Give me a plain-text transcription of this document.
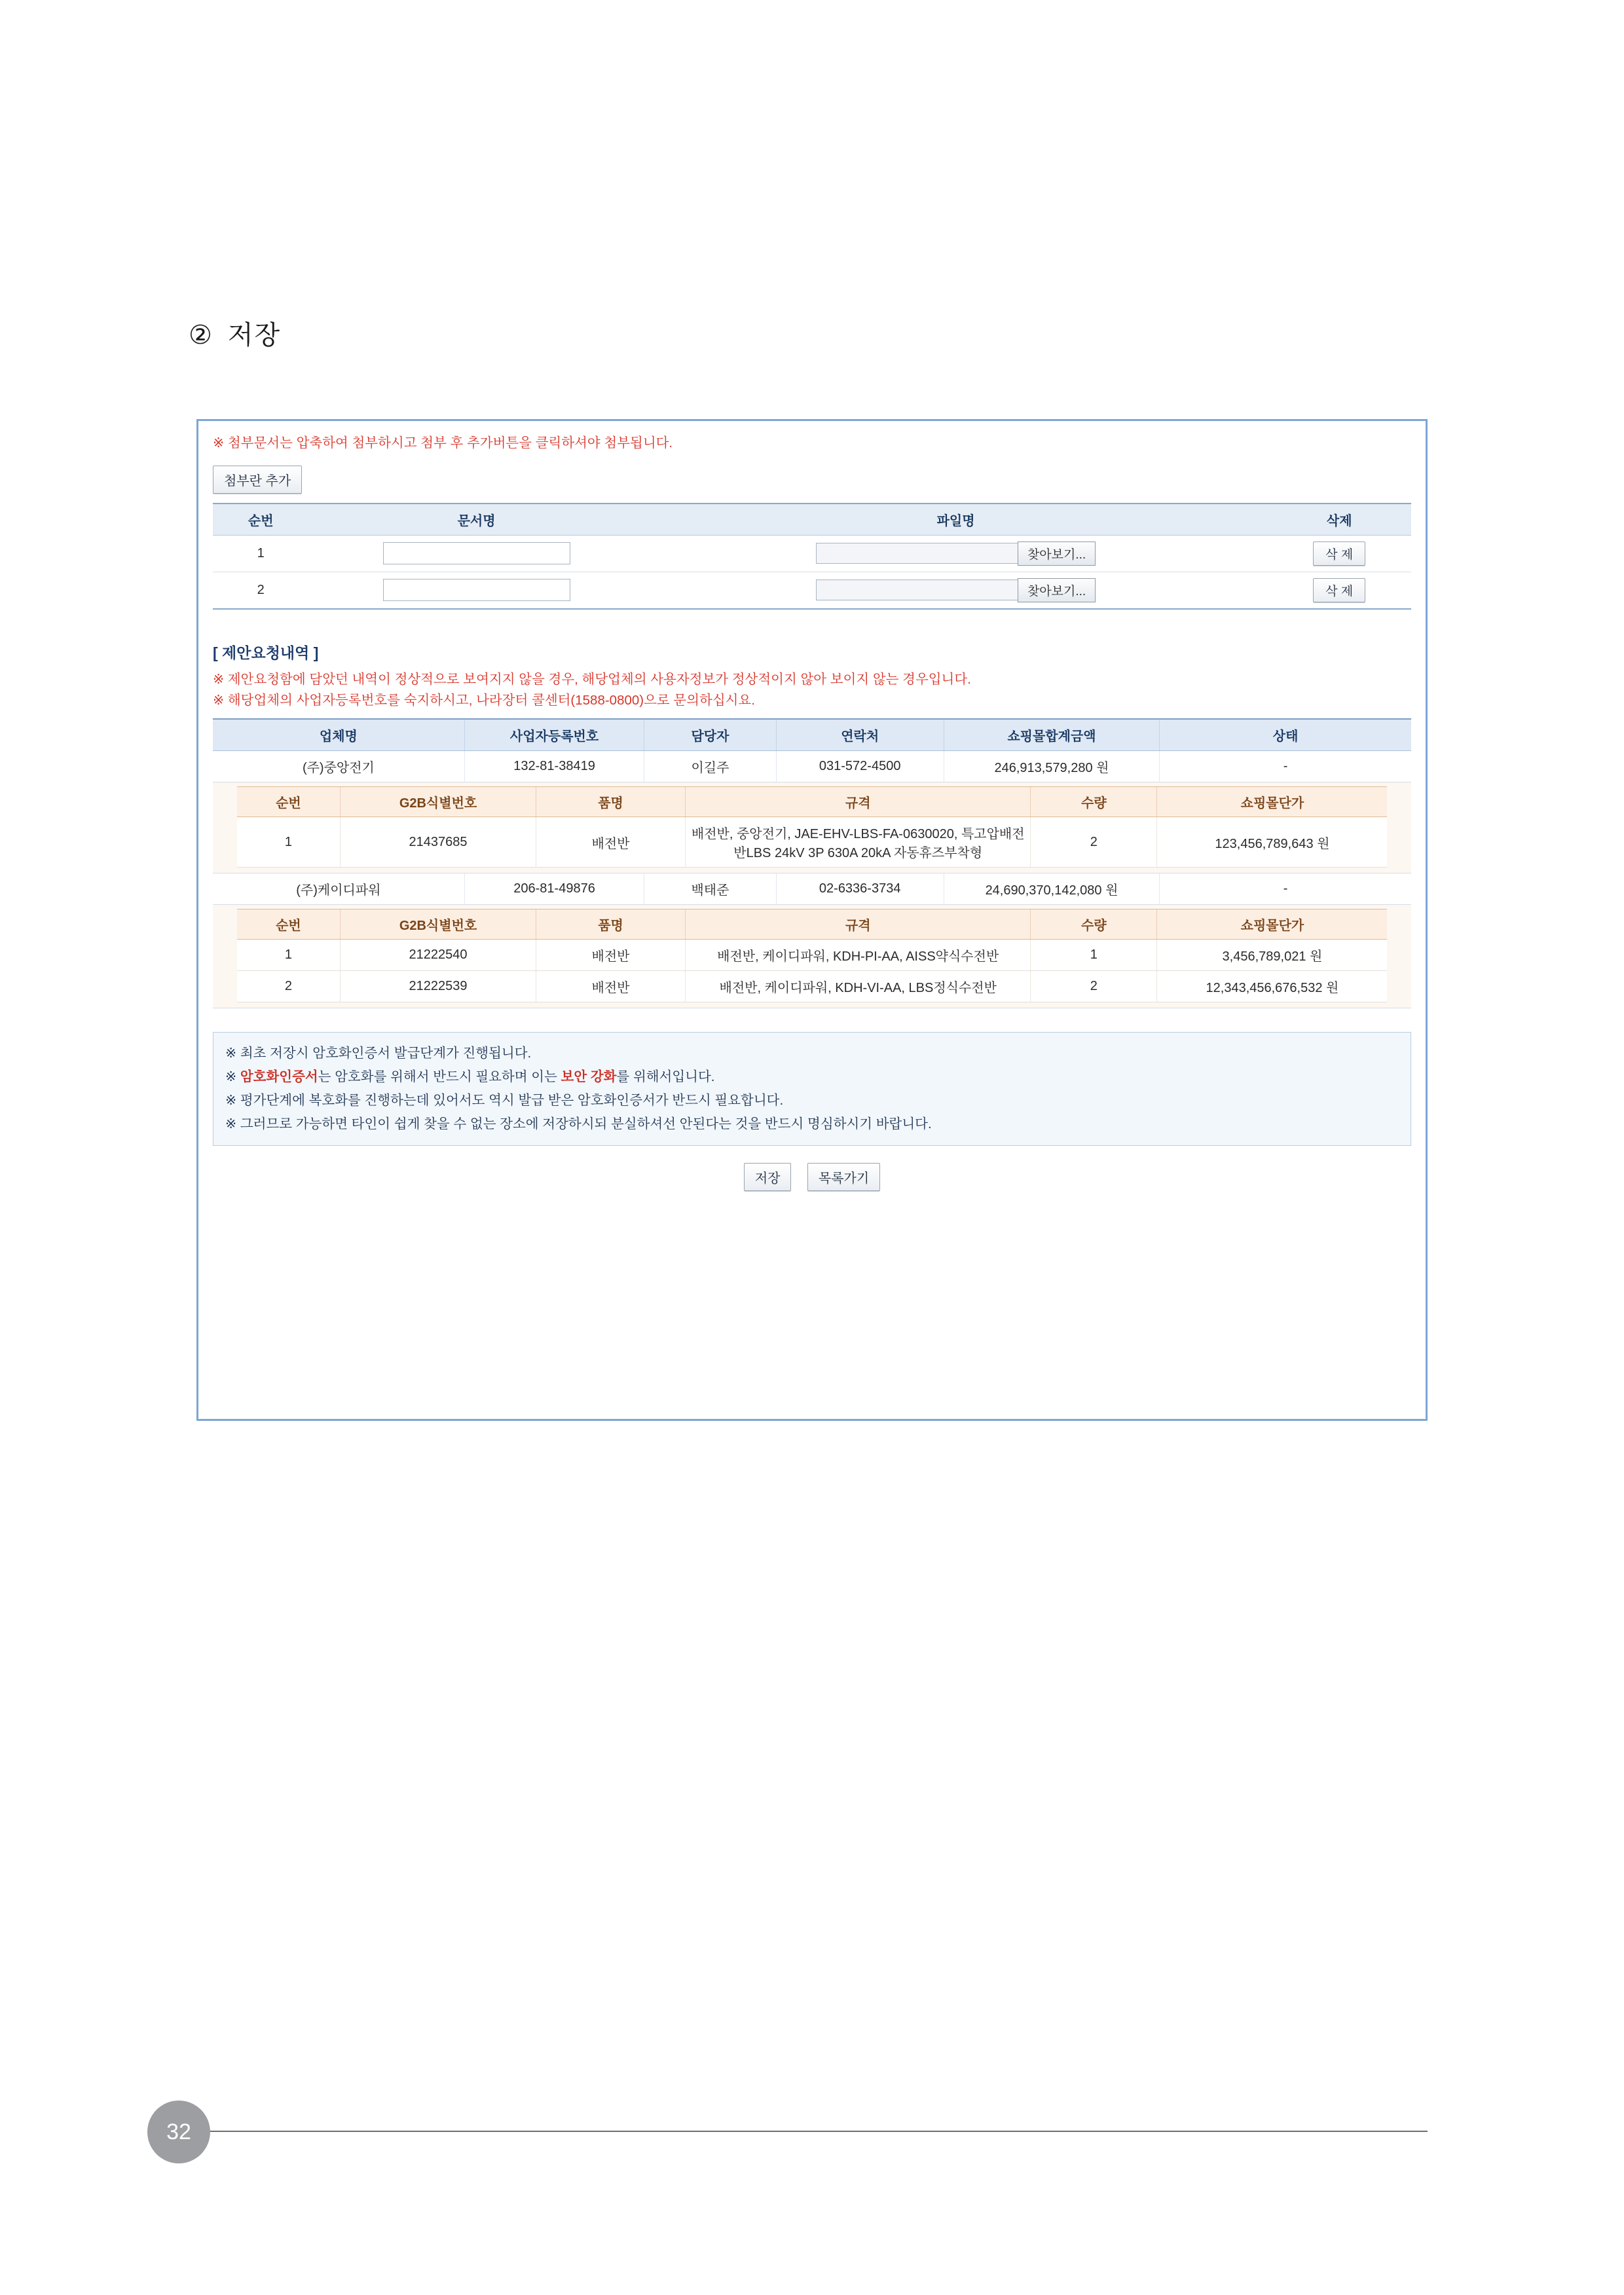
② 저장
※ 첨부문서는 압축하여 첨부하시고 첨부 후 추가버튼을 클릭하셔야 첨부됩니다.
첨부란 추가
순번	문서명	파일명	삭제
1		찾아보기...	삭 제
2		찾아보기...	삭 제
[ 제안요청내역 ]
※ 제안요청함에 담았던 내역이 정상적으로 보여지지 않을 경우, 해당업체의 사용자정보가 정상적이지 않아 보이지 않는 경우입니다.
※ 해당업체의 사업자등록번호를 숙지하시고, 나라장터 콜센터(1588-0800)으로 문의하십시요.
업체명	사업자등록번호	담당자	연락처	쇼핑몰합계금액	상태
(주)중앙전기	132-81-38419	이길주	031-572-4500	246,913,579,280 원	-

순번	G2B식별번호	품명	규격	수량	쇼핑몰단가
1	21437685	배전반	배전반, 중앙전기, JAE-EHV-LBS-FA-0630020, 특고압배전반LBS 24kV 3P 630A 20kA 자동휴즈부착형	2	123,456,789,643 원

(주)케이디파워	206-81-49876	백태준	02-6336-3734	24,690,370,142,080 원	-

순번	G2B식별번호	품명	규격	수량	쇼핑몰단가
1	21222540	배전반	배전반, 케이디파워, KDH-PI-AA, AISS약식수전반	1	3,456,789,021 원
2	21222539	배전반	배전반, 케이디파워, KDH-VI-AA, LBS정식수전반	2	12,343,456,676,532 원
※ 최초 저장시 암호화인증서 발급단계가 진행됩니다.
※ 암호화인증서는 암호화를 위해서 반드시 필요하며 이는 보안 강화를 위해서입니다.
※ 평가단계에 복호화를 진행하는데 있어서도 역시 발급 받은 암호화인증서가 반드시 필요합니다.
※ 그러므로 가능하면 타인이 쉽게 찾을 수 없는 장소에 저장하시되 분실하셔선 안된다는 것을 반드시 명심하시기 바랍니다.
저장	목록가기
32
